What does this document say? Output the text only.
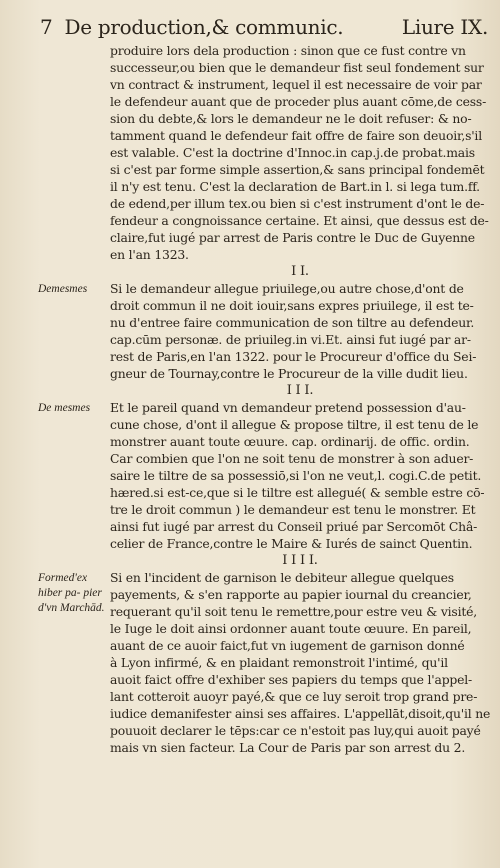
7 De production,& communic.	Liure IX.
produire lors dela production : sinon que ce fust contre vn
successeur,ou bien que le demandeur fist seul fondement sur
vn contract & instrument, lequel il est necessaire de voir par
le defendeur auant que de proceder plus auant cōme,de cess-
sion du debte,& lors le demandeur ne le doit refuser: & no-
tamment quand le defendeur fait offre de faire son deuoir,s'il
est valable. C'est la doctrine d'Innoc.in cap.j.de probat.mais
si c'est par forme simple assertion,& sans principal fondemēt
il n'y est tenu. C'est la declaration de Bart.in l. si lega tum.ff.
de edend,per illum tex.ou bien si c'est instrument d'ont le de-
fendeur a congnoissance certaine. Et ainsi, que dessus est de-
claire,fut iugé par arrest de Paris contre le Duc de Guyenne
en l'an 1323.
I I.
Si le demandeur allegue priuilege,ou autre chose,d'ont de
droit commun il ne doit iouir,sans expres priuilege, il est te-
nu d'entree faire communication de son tiltre au defendeur.
cap.cūm personæ. de priuileg.in vi.Et. ainsi fut iugé par ar-
rest de Paris,en l'an 1322. pour le Procureur d'office du Sei-
gneur de Tournay,contre le Procureur de la ville dudit lieu.
I I I.
Et le pareil quand vn demandeur pretend possession d'au-
cune chose, d'ont il allegue & propose tiltre, il est tenu de le
monstrer auant toute œuure. cap. ordinarij. de offic. ordin.
Car combien que l'on ne soit tenu de monstrer à son aduer-
saire le tiltre de sa possessiō,si l'on ne veut,l. cogi.C.de petit.
hæred.si est-ce,que si le tiltre est allegué( & semble estre cō-
tre le droit commun ) le demandeur est tenu le monstrer. Et
ainsi fut iugé par arrest du Conseil priué par Sercomōt Châ-
celier de France,contre le Maire & Iurés de sainct Quentin.
I I I I.
Si en l'incident de garnison le debiteur allegue quelques
payements, & s'en rapporte au papier iournal du creancier,
requerant qu'il soit tenu le remettre,pour estre veu & visité,
le Iuge le doit ainsi ordonner auant toute œuure. En pareil,
auant de ce auoir faict,fut vn iugement de garnison donné
à Lyon infirmé, & en plaidant remonstroit l'intimé, qu'il
auoit faict offre d'exhiber ses papiers du temps que l'appel-
lant cotteroit auoyr payé,& que ce luy seroit trop grand pre-
iudice demanifester ainsi ses affaires. L'appellāt,disoit,qu'il ne
pouuoit declarer le tēps:car ce n'estoit pas luy,qui auoit payé
mais vn sien facteur. La Cour de Paris par son arrest du 2.
Demesmes
De mesmes
Formed'ex hiber pa- pier d'vn Marchād.
